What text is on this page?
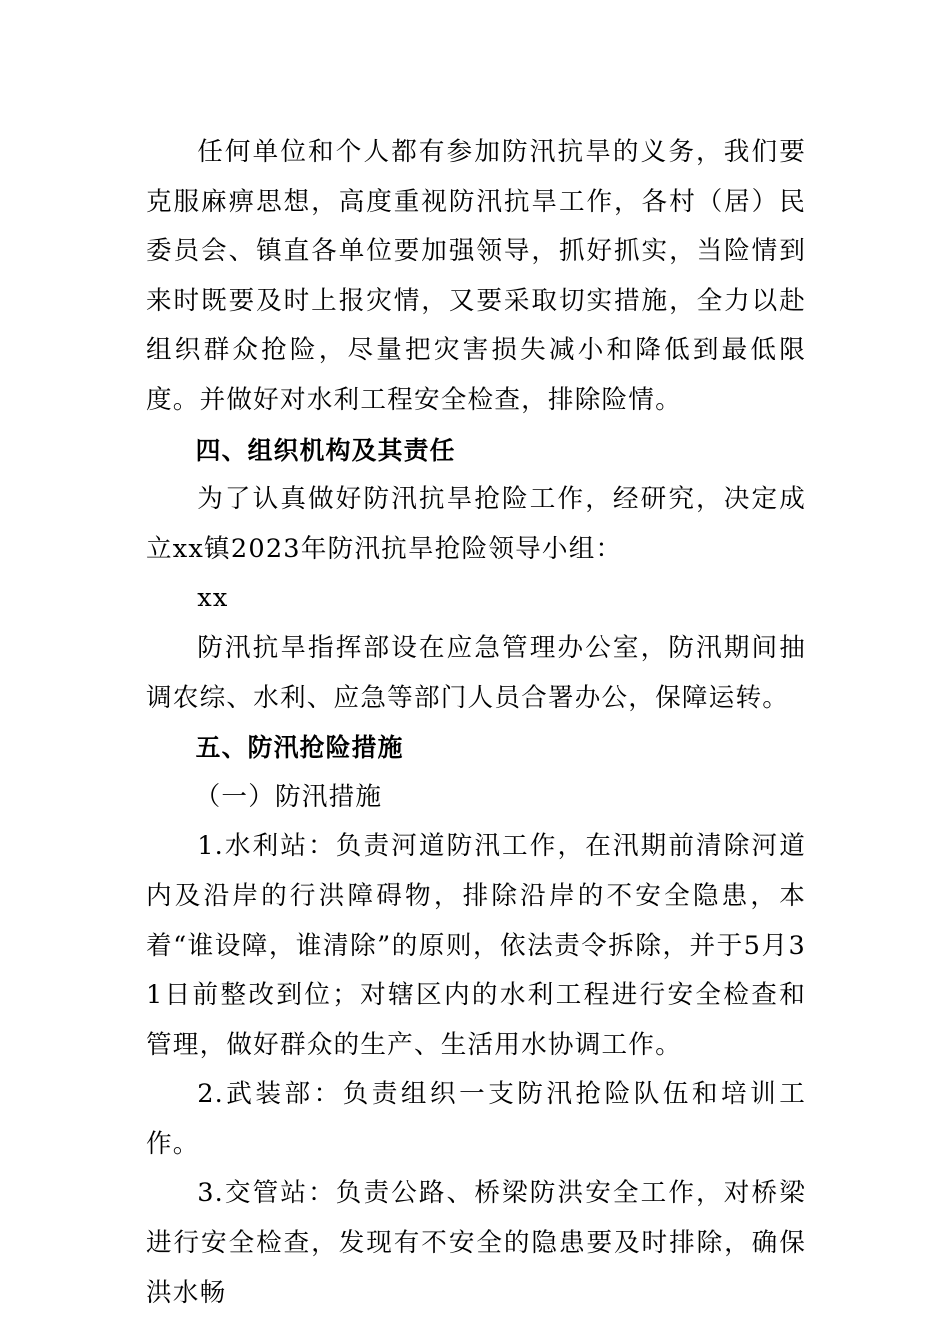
任何单位和个人都有参加防汛抗旱的义务，我们要克服麻痹思想，高度重视防汛抗旱工作，各村（居）民委员会、镇直各单位要加强领导，抓好抓实，当险情到来时既要及时上报灾情，又要采取切实措施，全力以赴组织群众抢险，尽量把灾害损失减小和降低到最低限度。并做好对水利工程安全检查，排除险情。

四、组织机构及其责任

为了认真做好防汛抗旱抢险工作，经研究，决定成立xx镇2023年防汛抗旱抢险领导小组：

xx

防汛抗旱指挥部设在应急管理办公室，防汛期间抽调农综、水利、应急等部门人员合署办公，保障运转。

五、防汛抢险措施

（一）防汛措施

1.水利站：负责河道防汛工作，在汛期前清除河道内及沿岸的行洪障碍物，排除沿岸的不安全隐患，本着“谁设障，谁清除”的原则，依法责令拆除，并于5月31日前整改到位；对辖区内的水利工程进行安全检查和管理，做好群众的生产、生活用水协调工作。

2.武装部：负责组织一支防汛抢险队伍和培训工作。

3.交管站：负责公路、桥梁防洪安全工作，对桥梁进行安全检查，发现有不安全的隐患要及时排除，确保洪水畅
